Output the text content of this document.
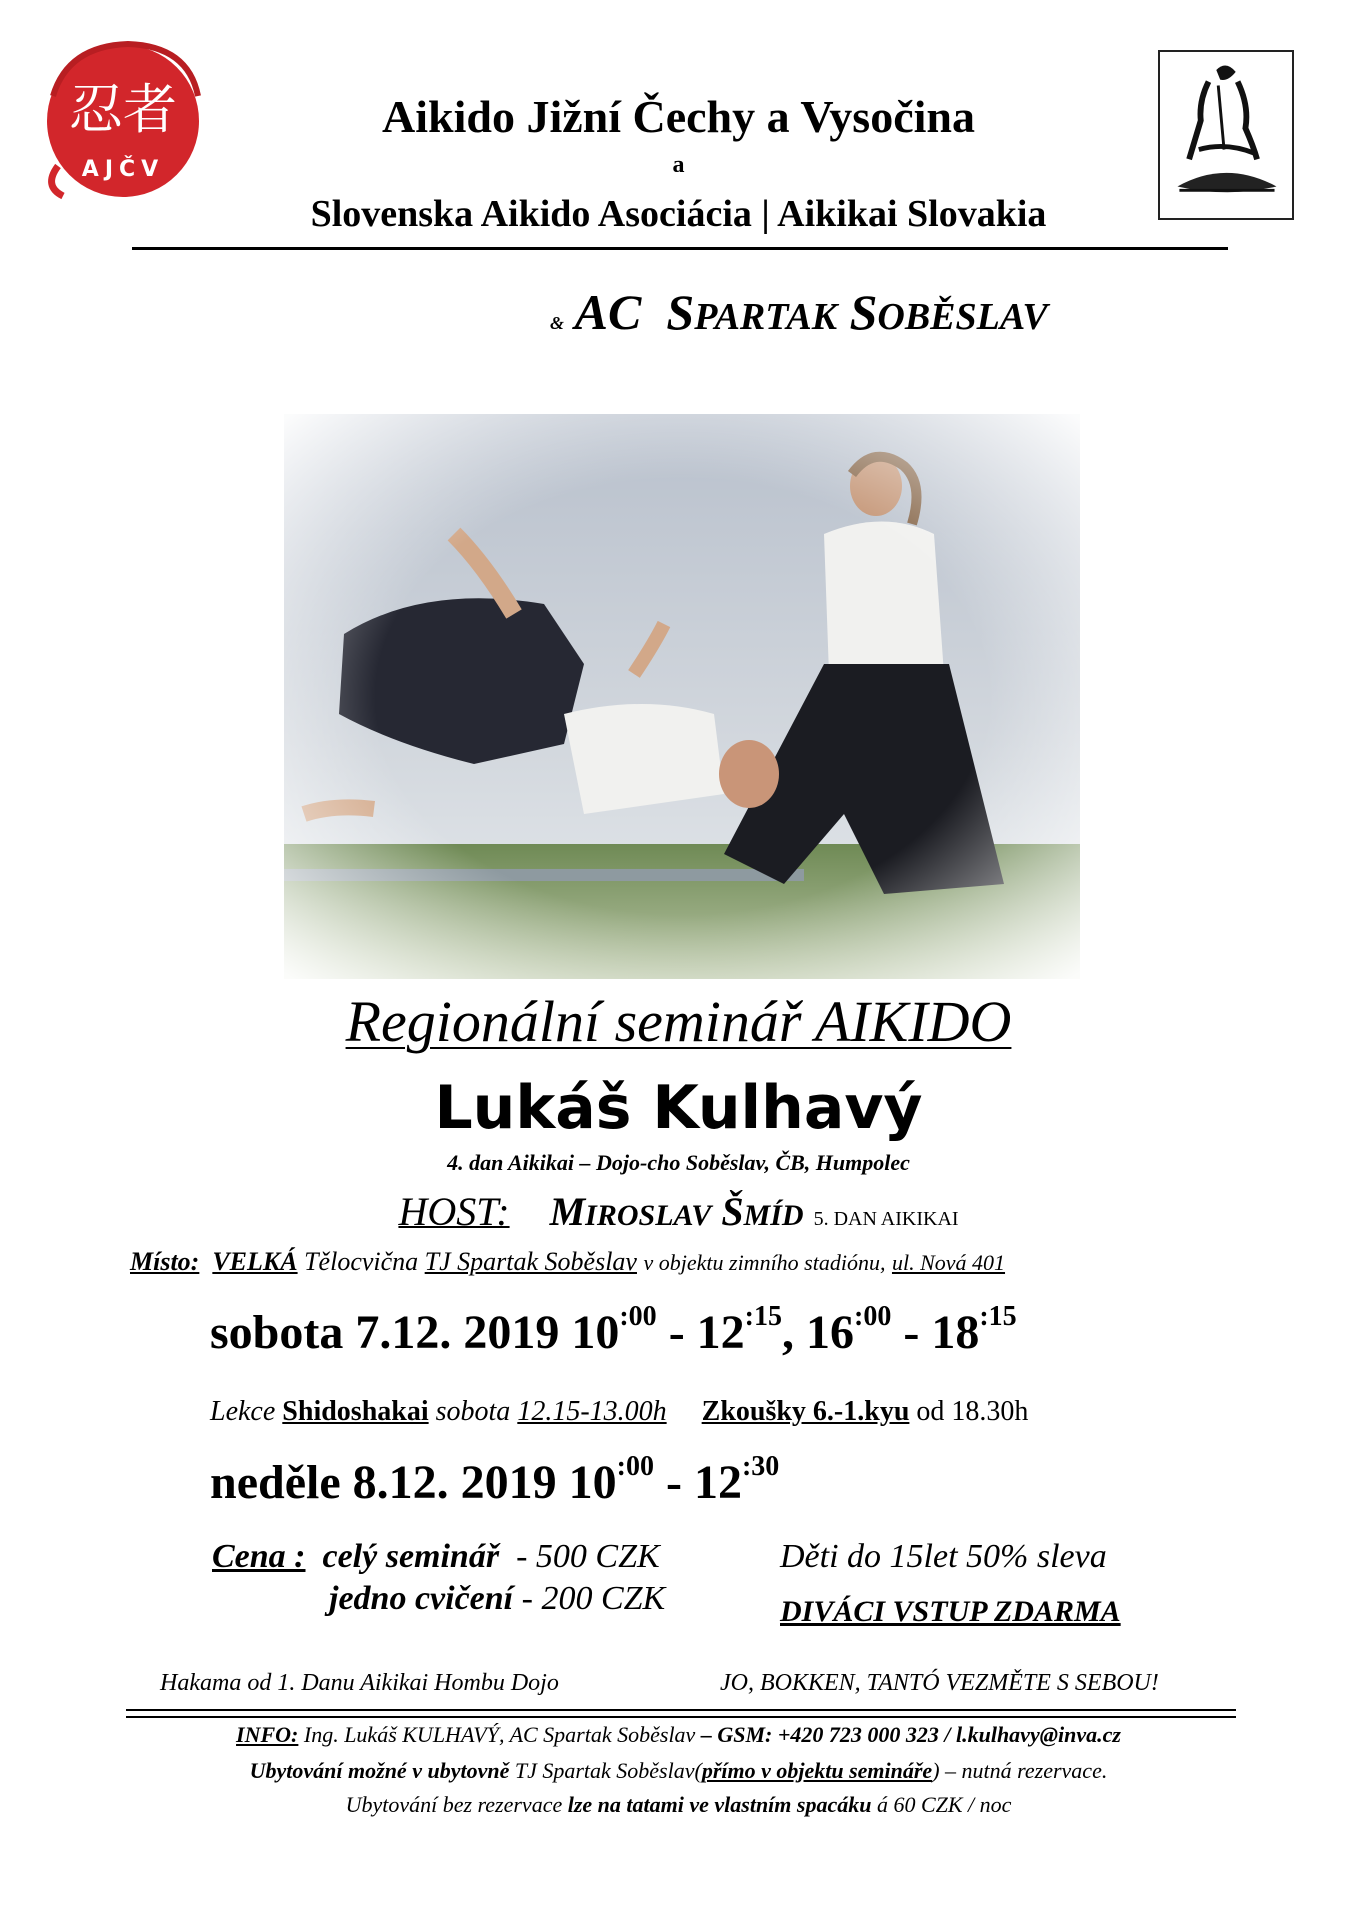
忍者
AJČV
Aikido Jižní Čechy a Vysočina
a
Slovenska Aikido Asociácia | Aikikai Slovakia
& AC SPARTAK SOBĚSLAV
Regionální seminář AIKIDO
Lukáš Kulhavý
4. dan Aikikai – Dojo-cho Soběslav, ČB, Humpolec
HOST: MIROSLAV ŠMÍD 5. DAN AIKIKAI
Místo: VELKÁ Tělocvična TJ Spartak Soběslav v objektu zimního stadiónu, ul. Nová 401
sobota 7.12. 2019 $10^{:00} - 12^{:15}$, $16^{:00} - 18^{:15}$
Lekce Shidoshakai sobota 12.15-13.00h Zkoušky 6.-1.kyu od 18.30h
neděle 8.12. 2019 $10^{:00} - 12^{:30}$
Cena : celý seminář - 500 CZK
jedno cvičení - 200 CZK
Děti do 15let 50% sleva
DIVÁCI VSTUP ZDARMA
Hakama od 1. Danu Aikikai Hombu Dojo	JO, BOKKEN, TANTÓ VEZMĚTE S SEBOU!
INFO: Ing. Lukáš KULHAVÝ, AC Spartak Soběslav – GSM: +420 723 000 323 / l.kulhavy@inva.cz
Ubytování možné v ubytovně TJ Spartak Soběslav(přímo v objektu semináře) – nutná rezervace.
Ubytování bez rezervace lze na tatami ve vlastním spacáku á 60 CZK / noc
